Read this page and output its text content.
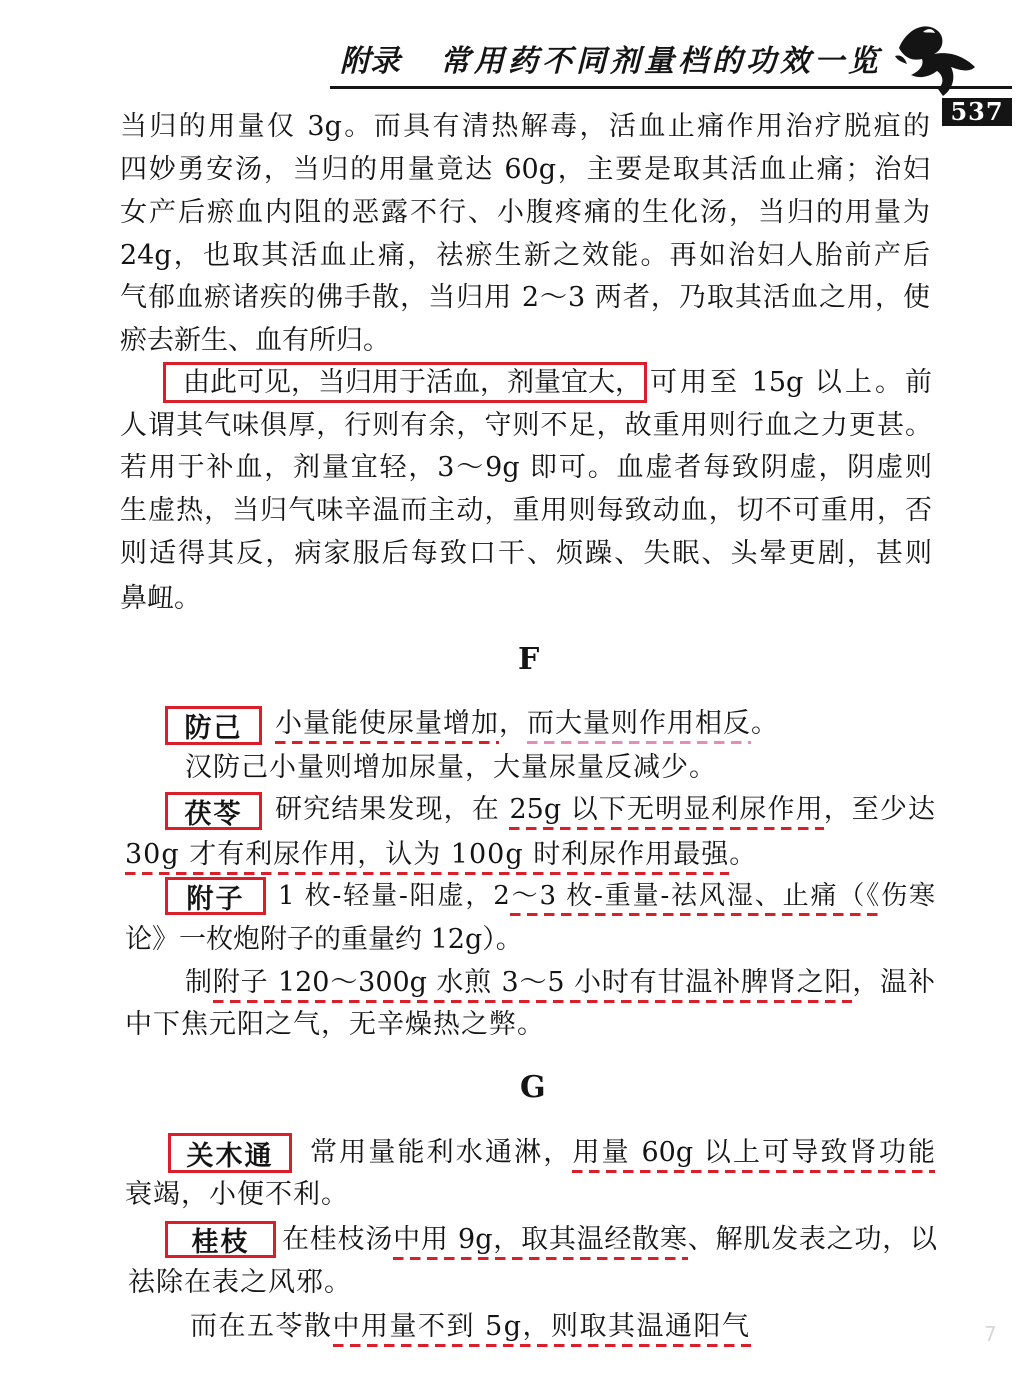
附录 常用药不同剂量档的功效一览
537
当归的用量仅 3g。而具有清热解毒，活血止痛作用治疗脱疽的
四妙勇安汤，当归的用量竟达 60g，主要是取其活血止痛；治妇
女产后瘀血内阻的恶露不行、小腹疼痛的生化汤，当归的用量为
24g，也取其活血止痛，祛瘀生新之效能。再如治妇人胎前产后
气郁血瘀诸疾的佛手散，当归用 2～3 两者，乃取其活血之用，使
瘀去新生、血有所归。
由此可见，当归用于活血，剂量宜大， 可用至 15g 以上。前
人谓其气味俱厚，行则有余，守则不足，故重用则行血之力更甚。
若用于补血，剂量宜轻，3～9g 即可。血虚者每致阴虚，阴虚则
生虚热，当归气味辛温而主动，重用则每致动血，切不可重用，否
则适得其反，病家服后每致口干、烦躁、失眠、头晕更剧，甚则
鼻衄。
F
防己	小量能使尿量增加，而大量则作用相反。
汉防己小量则增加尿量，大量尿量反减少。
茯苓	研究结果发现，在 25g 以下无明显利尿作用，至少达
30g 才有利尿作用，认为 100g 时利尿作用最强。
附子	1 枚-轻量-阳虚，2～3 枚-重量-祛风湿、止痛（《伤寒
论》一枚炮附子的重量约 12g）。
制附子 120～300g 水煎 3～5 小时有甘温补脾肾之阳，温补
中下焦元阳之气，无辛燥热之弊。
G
关木通	常用量能利水通淋，用量 60g 以上可导致肾功能
衰竭，小便不利。
桂枝	在桂枝汤中用 9g，取其温经散寒、解肌发表之功，以
祛除在表之风邪。
而在五苓散中用量不到 5g，则取其温通阳气	7
